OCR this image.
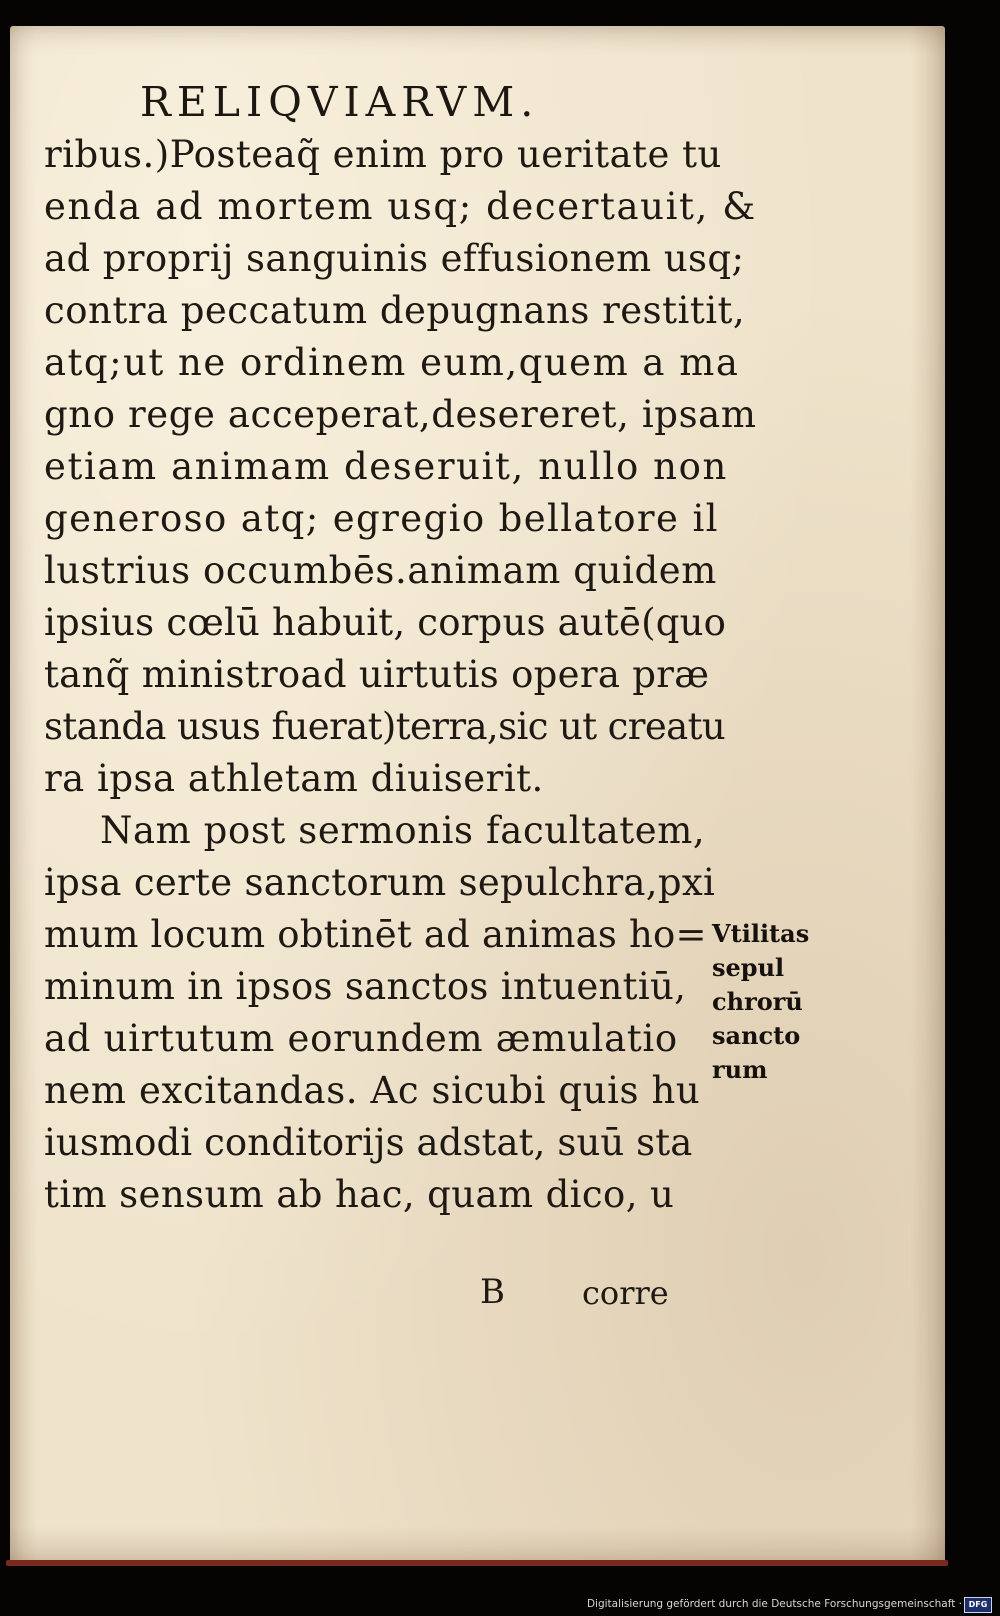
RELIQVIARVM.

ribus.)Posteaq̃ enim pro ueritate tu

enda ad mortem usq; decertauit, &

ad proprij sanguinis effusionem usq;

contra peccatum depugnans restitit,

atq;ut ne ordinem eum,quem a ma

gno rege acceperat,desereret, ipsam

etiam animam deseruit, nullo non

generoso atq; egregio bellatore il

lustrius occumbēs.animam quidem

ipsius cœlū habuit, corpus autē(quo

tanq̃ ministroad uirtutis opera præ

standa usus fuerat)terra,sic ut creatu

ra ipsa athletam diuiserit.

Nam post sermonis facultatem,

ipsa certe sanctorum sepulchra,pxi

mum locum obtinēt ad animas ho=

minum in ipsos sanctos intuentiū,

ad uirtutum eorundem æmulatio

nem excitandas. Ac sicubi quis hu

iusmodi conditorijs adstat, suū sta

tim sensum ab hac, quam dico, u

Vtilitas

sepul

chrorū

sancto

rum

B corre

Digitalisierung gefördert durch die Deutsche Forschungsgemeinschaft · DFG
